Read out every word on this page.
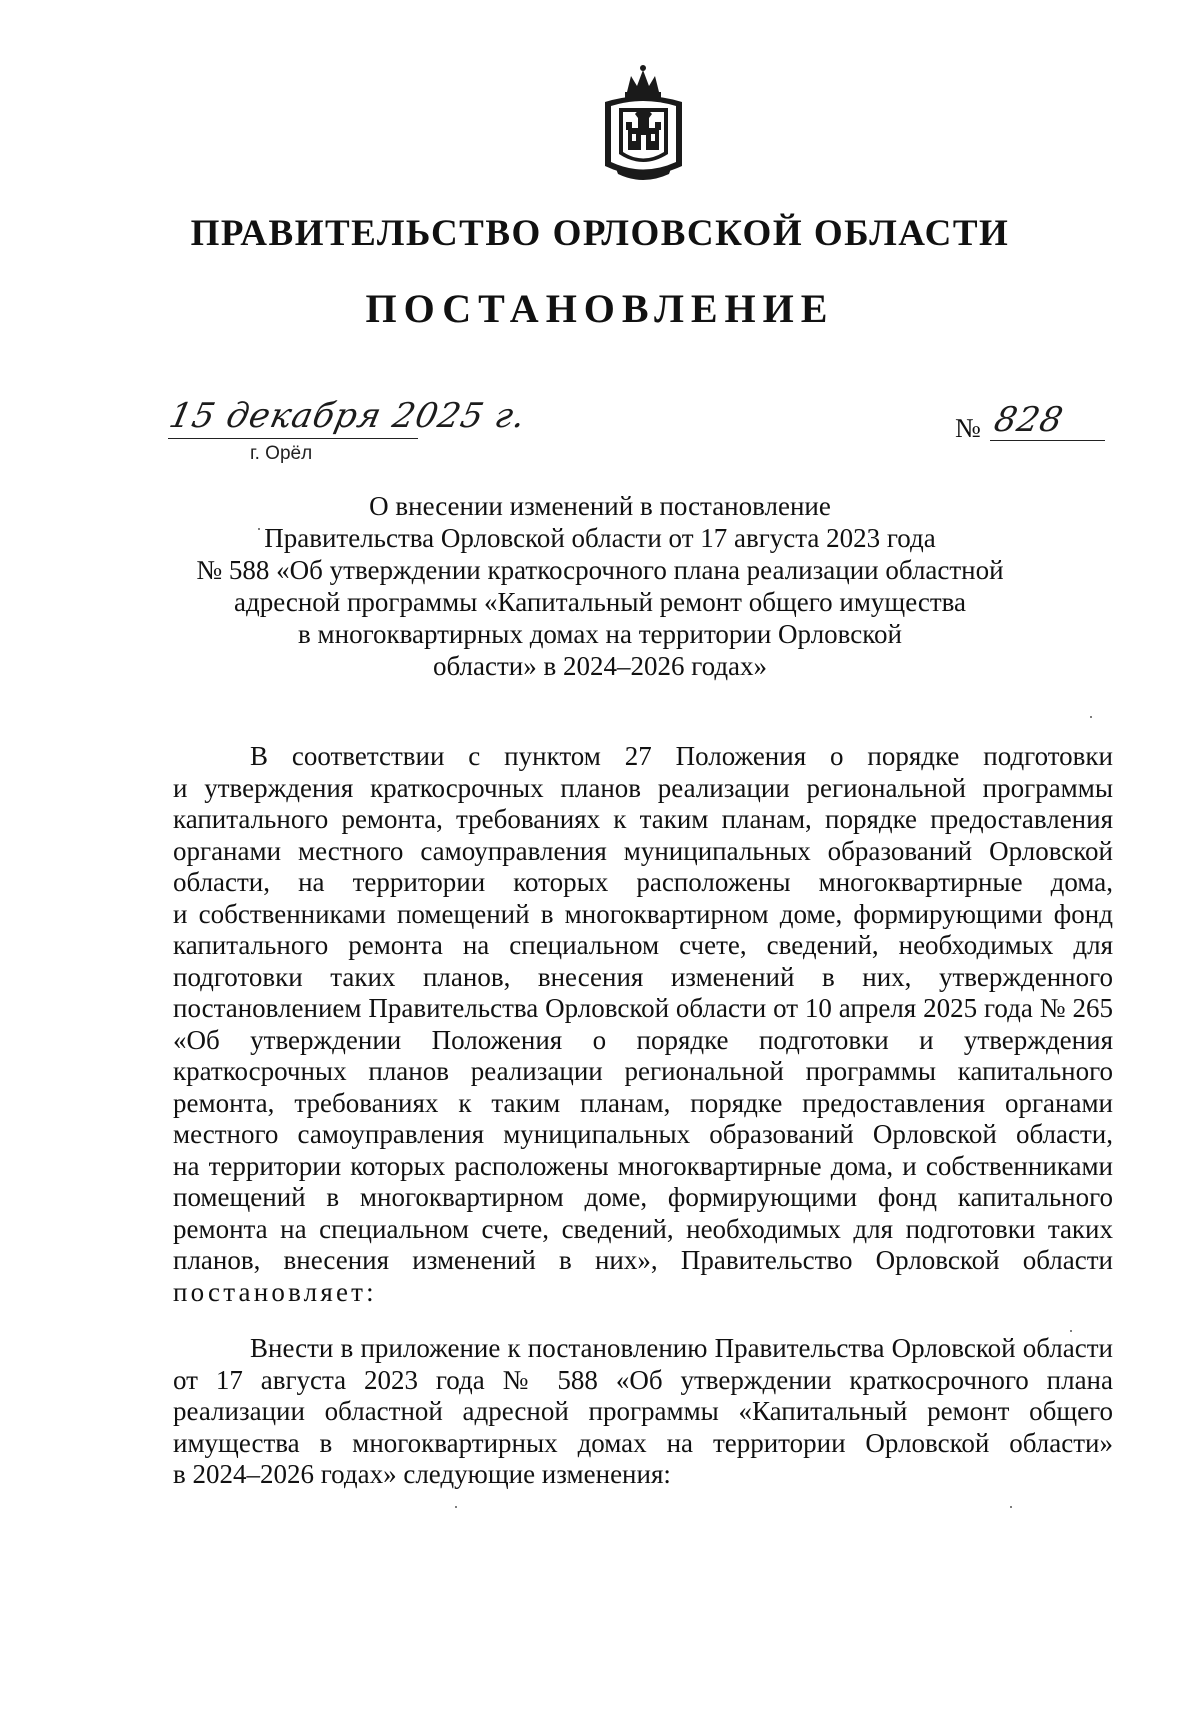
ПРАВИТЕЛЬСТВО ОРЛОВСКОЙ ОБЛАСТИ
ПОСТАНОВЛЕНИЕ
15 декабря 2025 г.
г. Орёл
№ 828
О внесении изменений в постановление
Правительства Орловской области от 17 августа 2023 года
№ 588 «Об утверждении краткосрочного плана реализации областной
адресной программы «Капитальный ремонт общего имущества
в многоквартирных домах на территории Орловской
области» в 2024–2026 годах»
В соответствии с пунктом 27 Положения о порядке подготовки
и утверждения краткосрочных планов реализации региональной программы
капитального ремонта, требованиях к таким планам, порядке предоставления
органами местного самоуправления муниципальных образований Орловской
области, на территории которых расположены многоквартирные дома,
и собственниками помещений в многоквартирном доме, формирующими фонд
капитального ремонта на специальном счете, сведений, необходимых для
подготовки таких планов, внесения изменений в них, утвержденного
постановлением Правительства Орловской области от 10 апреля 2025 года № 265
«Об утверждении Положения о порядке подготовки и утверждения
краткосрочных планов реализации региональной программы капитального
ремонта, требованиях к таким планам, порядке предоставления органами
местного самоуправления муниципальных образований Орловской области,
на территории которых расположены многоквартирные дома, и собственниками
помещений в многоквартирном доме, формирующими фонд капитального
ремонта на специальном счете, сведений, необходимых для подготовки таких
планов, внесения изменений в них», Правительство Орловской области
постановляет:
Внести в приложение к постановлению Правительства Орловской области
от 17 августа 2023 года № 588 «Об утверждении краткосрочного плана
реализации областной адресной программы «Капитальный ремонт общего
имущества в многоквартирных домах на территории Орловской области»
в 2024–2026 годах» следующие изменения:
